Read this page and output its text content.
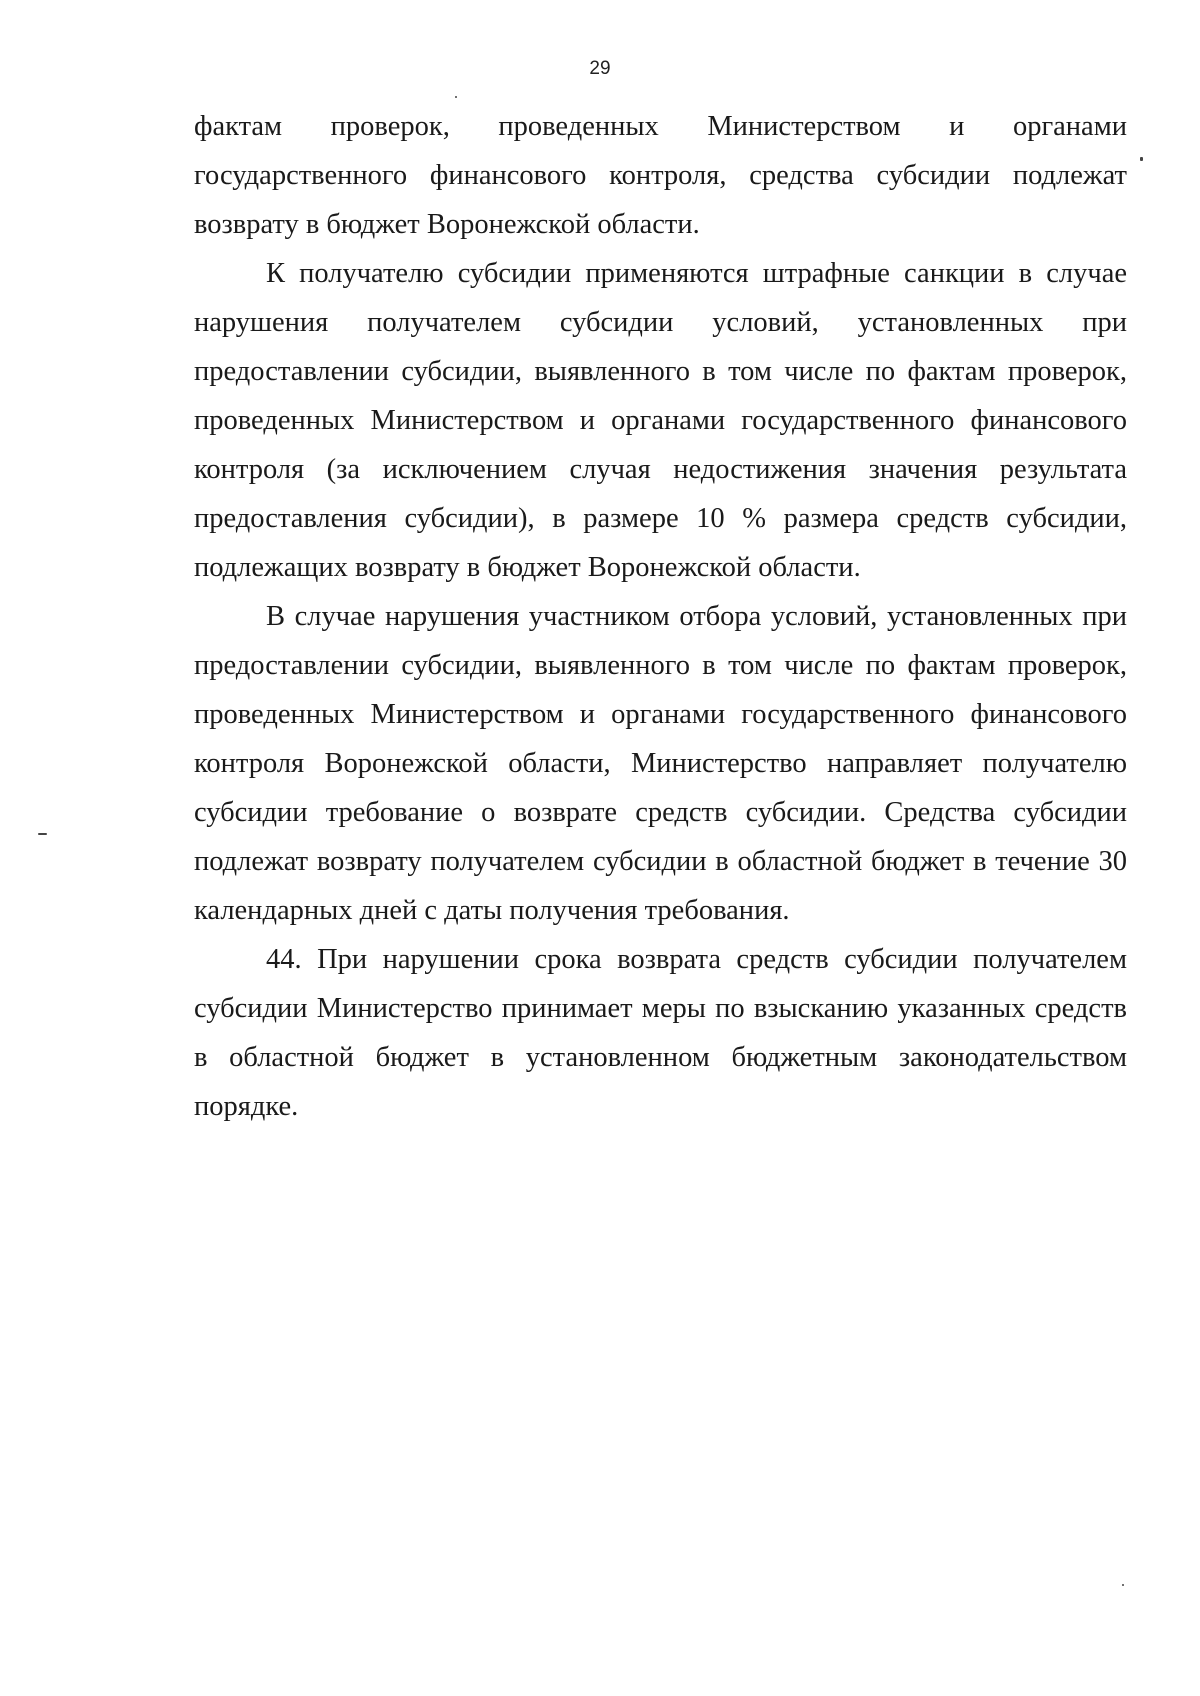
29

фактам проверок, проведенных Министерством и органами государственного финансового контроля, средства субсидии подлежат возврату в бюджет Воронежской области.

К получателю субсидии применяются штрафные санкции в случае нарушения получателем субсидии условий, установленных при предоставлении субсидии, выявленного в том числе по фактам проверок, проведенных Министерством и органами государственного финансового контроля (за исключением случая недостижения значения результата предоставления субсидии), в размере 10 % размера средств субсидии, подлежащих возврату в бюджет Воронежской области.

В случае нарушения участником отбора условий, установленных при предоставлении субсидии, выявленного в том числе по фактам проверок, проведенных Министерством и органами государственного финансового контроля Воронежской области, Министерство направляет получателю субсидии требование о возврате средств субсидии. Средства субсидии подлежат возврату получателем субсидии в областной бюджет в течение 30 календарных дней с даты получения требования.

44. При нарушении срока возврата средств субсидии получателем субсидии Министерство принимает меры по взысканию указанных средств в областной бюджет в установленном бюджетным законодательством порядке.
